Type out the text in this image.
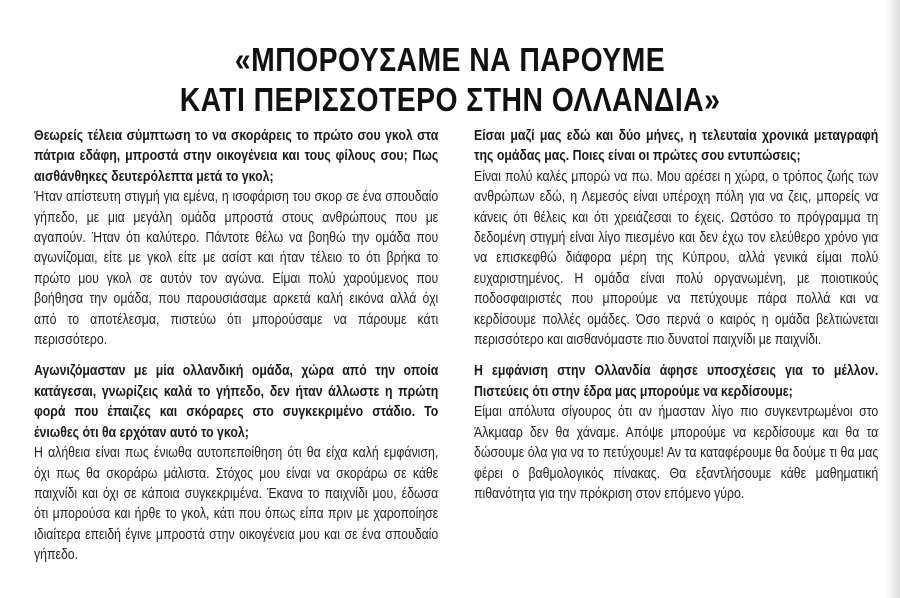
«ΜΠΟΡΟΥΣΑΜΕ ΝΑ ΠΑΡΟΥΜΕ
ΚΑΤΙ ΠΕΡΙΣΣΟΤΕΡΟ ΣΤΗΝ ΟΛΛΑΝΔΙΑ»

Θεωρείς τέλεια σύμπτωση το να σκοράρεις το πρώτο σου γκολ στα πάτρια εδάφη, μπροστά στην οικογένεια και τους φίλους σου; Πως αισθάνθηκες δευτερόλεπτα μετά το γκολ;

Ήταν απίστευτη στιγμή για εμένα, η ισοφάριση του σκορ σε ένα σπουδαίο γήπεδο, με μια μεγάλη ομάδα μπροστά στους ανθρώπους που με αγαπούν. Ήταν ότι καλύτερο. Πάντοτε θέλω να βοηθώ την ομάδα που αγωνίζομαι, είτε με γκολ είτε με ασίστ και ήταν τέλειο το ότι βρήκα το πρώτο μου γκολ σε αυτόν τον αγώνα. Είμαι πολύ χαρούμενος που βοήθησα την ομάδα, που παρουσιάσαμε αρκετά καλή εικόνα αλλά όχι από το αποτέλεσμα, πιστεύω ότι μπορούσαμε να πάρουμε κάτι περισσότερο.

Αγωνιζόμασταν με μία ολλανδική ομάδα, χώρα από την οποία κατάγεσαι, γνωρίζεις καλά το γήπεδο, δεν ήταν άλλωστε η πρώτη φορά που έπαιζες και σκόραρες στο συγκεκριμένο στάδιο. Το ένιωθες ότι θα ερχόταν αυτό το γκολ;

Η αλήθεια είναι πως ένιωθα αυτοπεποίθηση ότι θα είχα καλή εμφάνιση, όχι πως θα σκοράρω μάλιστα. Στόχος μου είναι να σκοράρω σε κάθε παιχνίδι και όχι σε κάποια συγκεκριμένα. Έκανα το παιχνίδι μου, έδωσα ότι μπορούσα και ήρθε το γκολ, κάτι που όπως είπα πριν με χαροποίησε ιδιαίτερα επειδή έγινε μπροστά στην οικογένεια μου και σε ένα σπουδαίο γήπεδο.

Είσαι μαζί μας εδώ και δύο μήνες, η τελευταία χρονικά μεταγραφή της ομάδας μας. Ποιες είναι οι πρώτες σου εντυπώσεις;

Είναι πολύ καλές μπορώ να πω. Μου αρέσει η χώρα, ο τρόπος ζωής των ανθρώπων εδώ, η Λεμεσός είναι υπέροχη πόλη για να ζεις, μπορείς να κάνεις ότι θέλεις και ότι χρειάζεσαι το έχεις. Ωστόσο το πρόγραμμα τη δεδομένη στιγμή είναι λίγο πιεσμένο και δεν έχω τον ελεύθερο χρόνο για να επισκεφθώ διάφορα μέρη της Κύπρου, αλλά γενικά είμαι πολύ ευχαριστημένος. Η ομάδα είναι πολύ οργανωμένη, με ποιοτικούς ποδοσφαιριστές που μπορούμε να πετύχουμε πάρα πολλά και να κερδίσουμε πολλές ομάδες. Όσο περνά ο καιρός η ομάδα βελτιώνεται περισσότερο και αισθανόμαστε πιο δυνατοί παιχνίδι με παιχνίδι.

Η εμφάνιση στην Ολλανδία άφησε υποσχέσεις για το μέλλον. Πιστεύεις ότι στην έδρα μας μπορούμε να κερδίσουμε;

Είμαι απόλυτα σίγουρος ότι αν ήμασταν λίγο πιο συγκεντρωμένοι στο Άλκμααρ δεν θα χάναμε. Απόψε μπορούμε να κερδίσουμε και θα τα δώσουμε όλα για να το πετύχουμε! Αν τα καταφέρουμε θα δούμε τι θα μας φέρει ο βαθμολογικός πίνακας. Θα εξαντλήσουμε κάθε μαθηματική πιθανότητα για την πρόκριση στον επόμενο γύρο.
